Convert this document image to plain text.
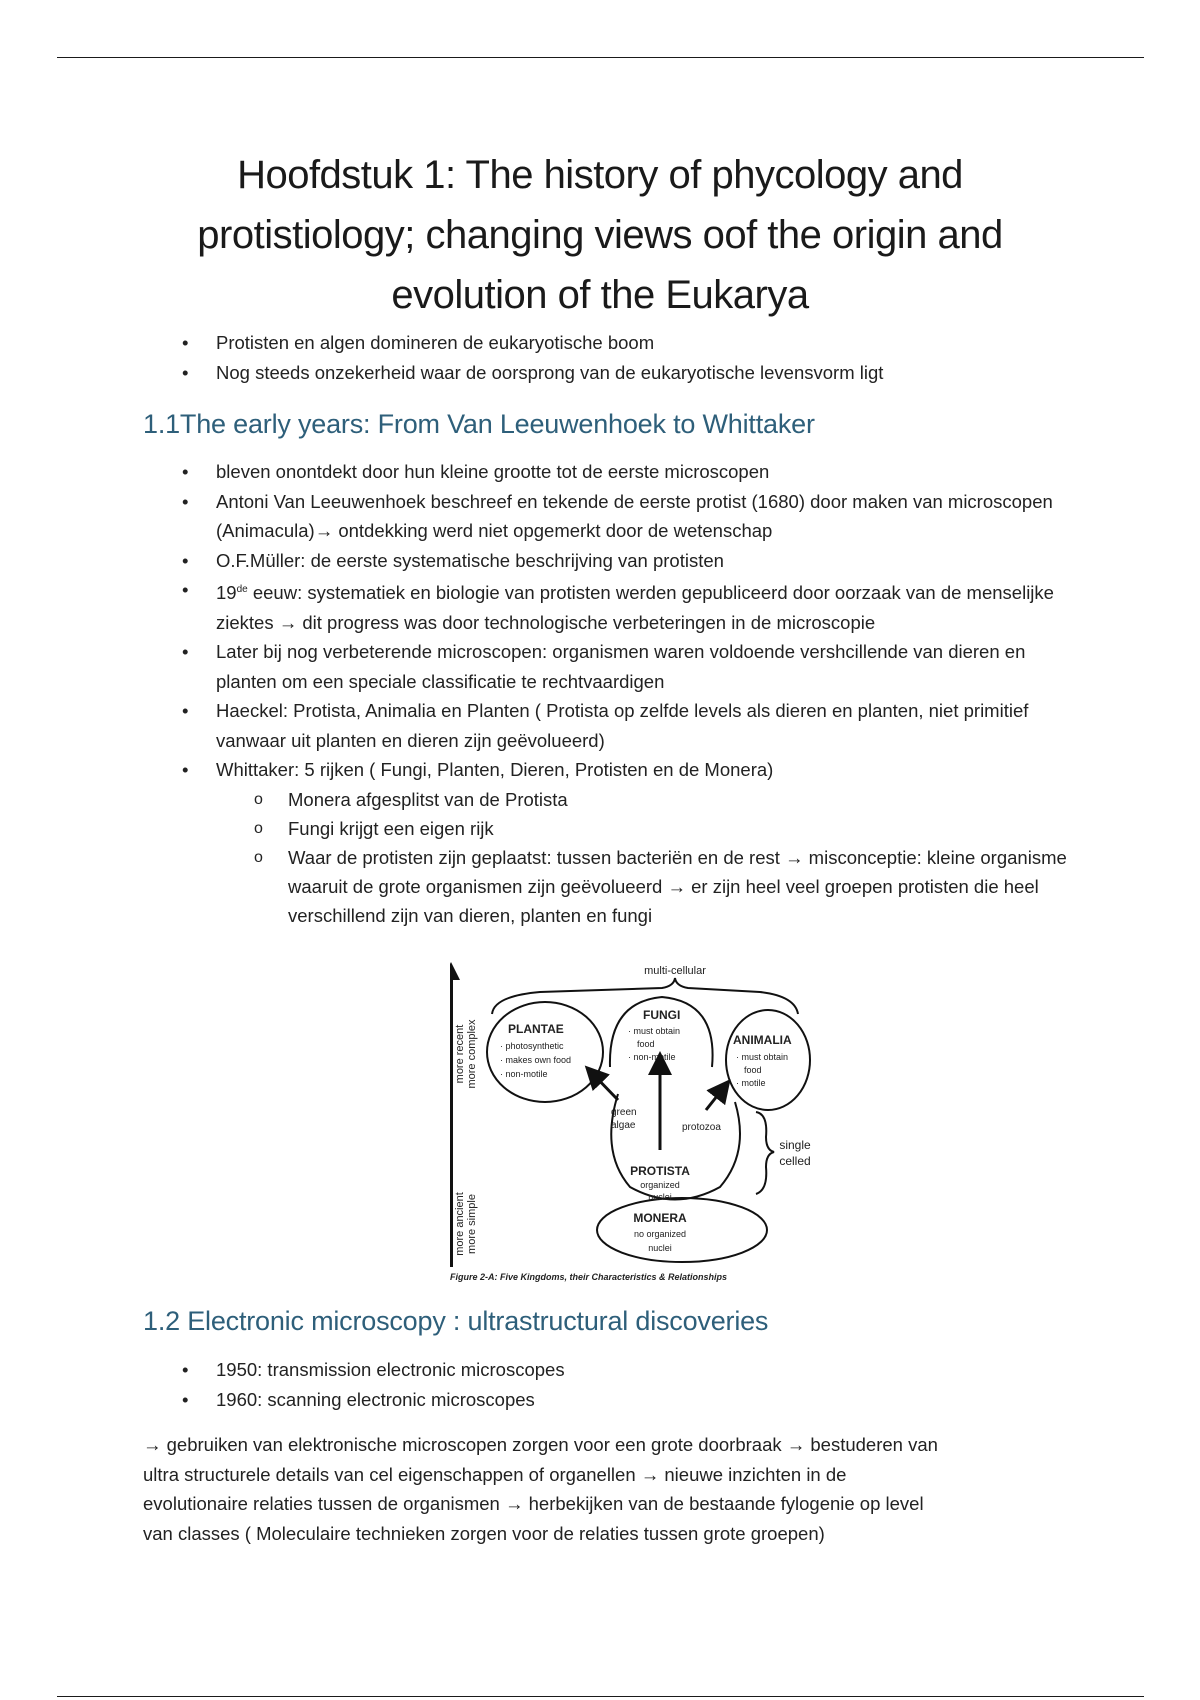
Hoofdstuk 1: The history of phycology and
protistiology; changing views oof the origin and
evolution of the Eukarya
• Protisten en algen domineren de eukaryotische boom
• Nog steeds onzekerheid waar de oorsprong van de eukaryotische levensvorm ligt
1.1The early years: From Van Leeuwenhoek to Whittaker
• bleven onontdekt door hun kleine grootte tot de eerste microscopen
• Antoni Van Leeuwenhoek beschreef en tekende de eerste protist (1680) door maken van microscopen (Animacula)→ ontdekking werd niet opgemerkt door de wetenschap
• O.F.Müller: de eerste systematische beschrijving van protisten
• 19de eeuw: systematiek en biologie van protisten werden gepubliceerd door oorzaak van de menselijke ziektes → dit progress was door technologische verbeteringen in de microscopie
• Later bij nog verbeterende microscopen: organismen waren voldoende vershcillende van dieren en planten om een speciale classificatie te rechtvaardigen
• Haeckel: Protista, Animalia en Planten ( Protista op zelfde levels als dieren en planten, niet primitief vanwaar uit planten en dieren zijn geëvolueerd)
• Whittaker: 5 rijken ( Fungi, Planten, Dieren, Protisten en de Monera)
o Monera afgesplitst van de Protista
o Fungi krijgt een eigen rijk
o Waar de protisten zijn geplaatst: tussen bacteriën en de rest → misconceptie: kleine organisme waaruit de grote organismen zijn geëvolueerd → er zijn heel veel groepen protisten die heel verschillend zijn van dieren, planten en fungi
more recent more complex
more ancient more simple
multi-cellular
single
celled
PLANTAE
· photosynthetic
· makes own food
· non-motile
FUNGI
· must obtain
food
· non-motile
ANIMALIA
· must obtain
food
· motile
green
algae	protozoa
PROTISTA
organized
nuclei
MONERA
no organized
nuclei
Figure 2-A: Five Kingdoms, their Characteristics & Relationships
1.2 Electronic microscopy : ultrastructural discoveries
• 1950: transmission electronic microscopes
• 1960: scanning electronic microscopes

→ gebruiken van elektronische microscopen zorgen voor een grote doorbraak → bestuderen van
ultra structurele details van cel eigenschappen of organellen → nieuwe inzichten in de
evolutionaire relaties tussen de organismen → herbekijken van de bestaande fylogenie op level
van classes ( Moleculaire technieken zorgen voor de relaties tussen grote groepen)
